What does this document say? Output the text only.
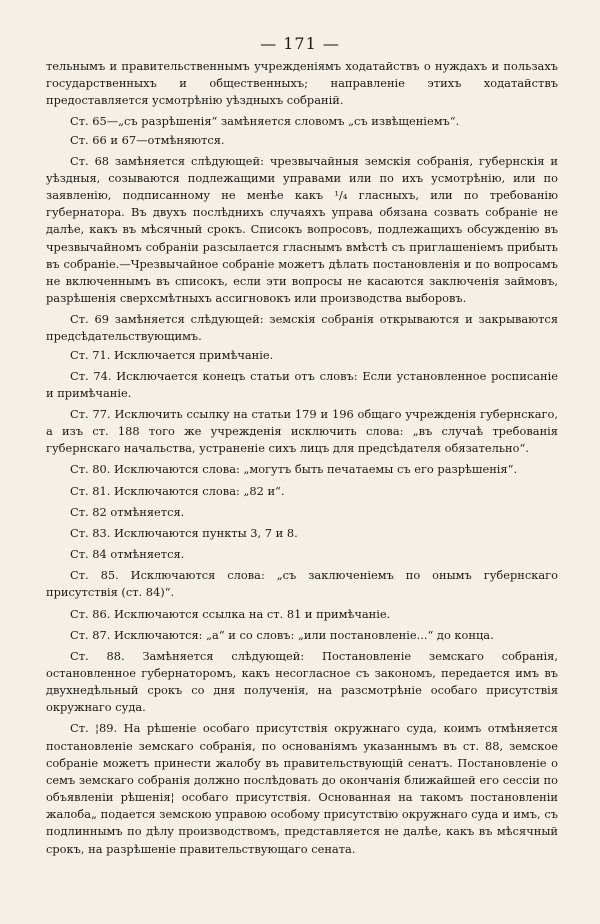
— 171 —

тельнымъ и правительственнымъ учрежденіямъ ходатайствъ о нуждахъ и пользахъ государственныхъ и общественныхъ; направленіе этихъ ходатайствъ предоставляется усмотрѣнію уѣздныхъ собраній.

Ст. 65—„съ разрѣшенія“ замѣняется словомъ „съ извѣщеніемъ“.

Ст. 66 и 67—отмѣняются.

Ст. 68 замѣняется слѣдующей: чрезвычайныя земскія собранія, губернскія и уѣздныя, созываются подлежащими управами или по ихъ усмотрѣнію, или по заявленію, подписанному не менѣе какъ ¹/₄ гласныхъ, или по требованію губернатора. Въ двухъ послѣднихъ случаяхъ управа обязана созвать собраніе не далѣе, какъ въ мѣсячный срокъ. Списокъ вопросовъ, подлежащихъ обсужденію въ чрезвычайномъ собраніи разсылается гласнымъ вмѣстѣ съ приглашеніемъ прибыть въ собраніе.—Чрезвычайное собраніе можетъ дѣлать постановленія и по вопросамъ не включеннымъ въ списокъ, если эти вопросы не касаются заключенія займовъ, разрѣшенія сверхсмѣтныхъ ассигновокъ или производства выборовъ.

Ст. 69 замѣняется слѣдующей: земскія собранія открываются и закрываются предсѣдательствующимъ.

Ст. 71. Исключается примѣчаніе.

Ст. 74. Исключается конецъ статьи отъ словъ: Если установленное росписаніе и примѣчаніе.

Ст. 77. Исключить ссылку на статьи 179 и 196 общаго учрежденія губернскаго, а изъ ст. 188 того же учрежденія исключить слова: „въ случаѣ требованія губернскаго начальства, устраненіе сихъ лицъ для предсѣдателя обязательно“.

Ст. 80. Исключаются слова: „могутъ быть печатаемы съ его разрѣшенія“.

Ст. 81. Исключаются слова: „82 и“.

Ст. 82 отмѣняется.

Ст. 83. Исключаются пункты 3, 7 и 8.

Ст. 84 отмѣняется.

Ст. 85. Исключаются слова: „съ заключеніемъ по онымъ губернскаго присутствія (ст. 84)“.

Ст. 86. Исключаются ссылка на ст. 81 и примѣчаніе.

Ст. 87. Исключаются: „а“ и со словъ: „или постановленіе...“ до конца.

Ст. 88. Замѣняется слѣдующей: Постановленіе земскаго собранія, остановленное губернаторомъ, какъ несогласное съ закономъ, передается имъ въ двухнедѣльный срокъ со дня полученія, на разсмотрѣніе особаго присутствія окружнаго суда.

Ст. ¦89. На рѣшеніе особаго присутствія окружнаго суда, коимъ отмѣняется постановленіе земскаго собранія, по основаніямъ указаннымъ въ ст. 88, земское собраніе можетъ принести жалобу въ правительствующій сенатъ. Постановленіе о семъ земскаго собранія должно послѣдовать до окончанія ближайшей его сессіи по объявленіи рѣшенія¦ особаго присутствія. Основанная на такомъ постановленіи жалоба„ подается земскою управою особому присутствію окружнаго суда и имъ, съ подлиннымъ по дѣлу производствомъ, представляется не далѣе, какъ въ мѣсячный срокъ, на разрѣшеніе правительствующаго сената.
